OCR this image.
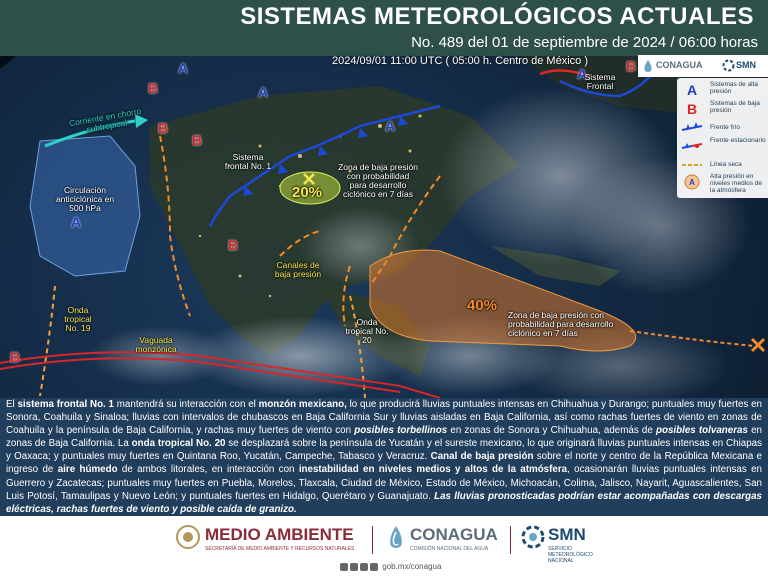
SISTEMAS METEOROLÓGICOS ACTUALES
No. 489 del 01 de septiembre de 2024 / 06:00 horas
A
A
A
A
A
B
B
B
B
B
B
Corriente en chorro subtropical
Circulación anticiclónica en 500 hPa
Sistema frontal No. 1
Sistema Frontal
20%
Zona de baja presión con probabilidad para desarrollo ciclónico en 7 días
Canales de baja presión
Onda tropical No. 19
Onda tropical No. 20
Vaguada monzónica
40%
Zona de baja presión con probabilidad para desarrollo ciclónico en 7 días
2024/09/01 11:00 UTC ( 05:00 h. Centro de México )	CONAGUA	SMN
A	Sistemas de alta presión
B	Sistemas de baja presión
Frente frío
Frente estacionario
Línea seca
A
Alta presión en niveles medios de la atmósfera
El sistema frontal No. 1 mantendrá su interacción con el monzón mexicano, lo que producirá lluvias puntuales intensas en Chihuahua y Durango; puntuales muy fuertes en Sonora, Coahuila y Sinaloa; lluvias con intervalos de chubascos en Baja California Sur y lluvias aisladas en Baja California, así como rachas fuertes de viento en zonas de Coahuila y la península de Baja California, y rachas muy fuertes de viento con posibles torbellinos en zonas de Sonora y Chihuahua, además de posibles tolvaneras en zonas de Baja California. La onda tropical No. 20 se desplazará sobre la península de Yucatán y el sureste mexicano, lo que originará lluvias puntuales intensas en Chiapas y Oaxaca; y puntuales muy fuertes en Quintana Roo, Yucatán, Campeche, Tabasco y Veracruz. Canal de baja presión sobre el norte y centro de la República Mexicana e ingreso de aire húmedo de ambos litorales, en interacción con inestabilidad en niveles medios y altos de la atmósfera, ocasionarán lluvias puntuales intensas en Guerrero y Zacatecas; puntuales muy fuertes en Puebla, Morelos, Tlaxcala, Ciudad de México, Estado de México, Michoacán, Colima, Jalisco, Nayarit, Aguascalientes, San Luis Potosí, Tamaulipas y Nuevo León; y puntuales fuertes en Hidalgo, Querétaro y Guanajuato. Las lluvias pronosticadas podrían estar acompañadas con descargas eléctricas, rachas fuertes de viento y posible caída de granizo.
MEDIO AMBIENTE
SECRETARÍA DE MEDIO AMBIENTE Y RECURSOS NATURALES
CONAGUA
COMISIÓN NACIONAL DEL AGUA
SMN
SERVICIO METEOROLÓGICO NACIONAL
gob.mx/conagua
